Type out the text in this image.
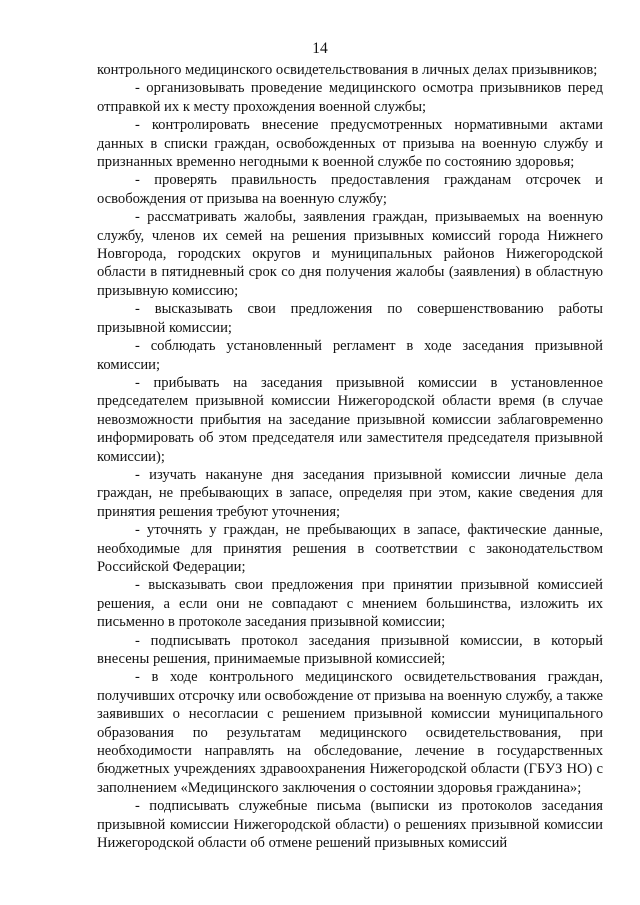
14

контрольного медицинского освидетельствования в личных делах призывников;

- организовывать проведение медицинского осмотра призывников перед отправкой их к месту прохождения военной службы;

- контролировать внесение предусмотренных нормативными актами данных в списки граждан, освобожденных от призыва на военную службу и признанных временно негодными к военной службе по состоянию здоровья;

- проверять правильность предоставления гражданам отсрочек и освобождения от призыва на военную службу;

- рассматривать жалобы, заявления граждан, призываемых на военную службу, членов их семей на решения призывных комиссий города Нижнего Новгорода, городских округов и муниципальных районов Нижегородской области в пятидневный срок со дня получения жалобы (заявления) в областную призывную комиссию;

- высказывать свои предложения по совершенствованию работы призывной комиссии;

- соблюдать установленный регламент в ходе заседания призывной комиссии;

- прибывать на заседания призывной комиссии в установленное председателем призывной комиссии Нижегородской области время (в случае невозможности прибытия на заседание призывной комиссии заблаговременно информировать об этом председателя или заместителя председателя призывной комиссии);

- изучать накануне дня заседания призывной комиссии личные дела граждан, не пребывающих в запасе, определяя при этом, какие сведения для принятия решения требуют уточнения;

- уточнять у граждан, не пребывающих в запасе, фактические данные, необходимые для принятия решения в соответствии с законодательством Российской Федерации;

- высказывать свои предложения при принятии призывной комиссией решения, а если они не совпадают с мнением большинства, изложить их письменно в протоколе заседания призывной комиссии;

- подписывать протокол заседания призывной комиссии, в который внесены решения, принимаемые призывной комиссией;

- в ходе контрольного медицинского освидетельствования граждан, получивших отсрочку или освобождение от призыва на военную службу, а также заявивших о несогласии с решением призывной комиссии муниципального образования по результатам медицинского освидетельствования, при необходимости направлять на обследование, лечение в государственных бюджетных учреждениях здравоохранения Нижегородской области (ГБУЗ НО) с заполнением «Медицинского заключения о состоянии здоровья гражданина»;

- подписывать служебные письма (выписки из протоколов заседания призывной комиссии Нижегородской области) о решениях призывной комиссии Нижегородской области об отмене решений призывных комиссий
